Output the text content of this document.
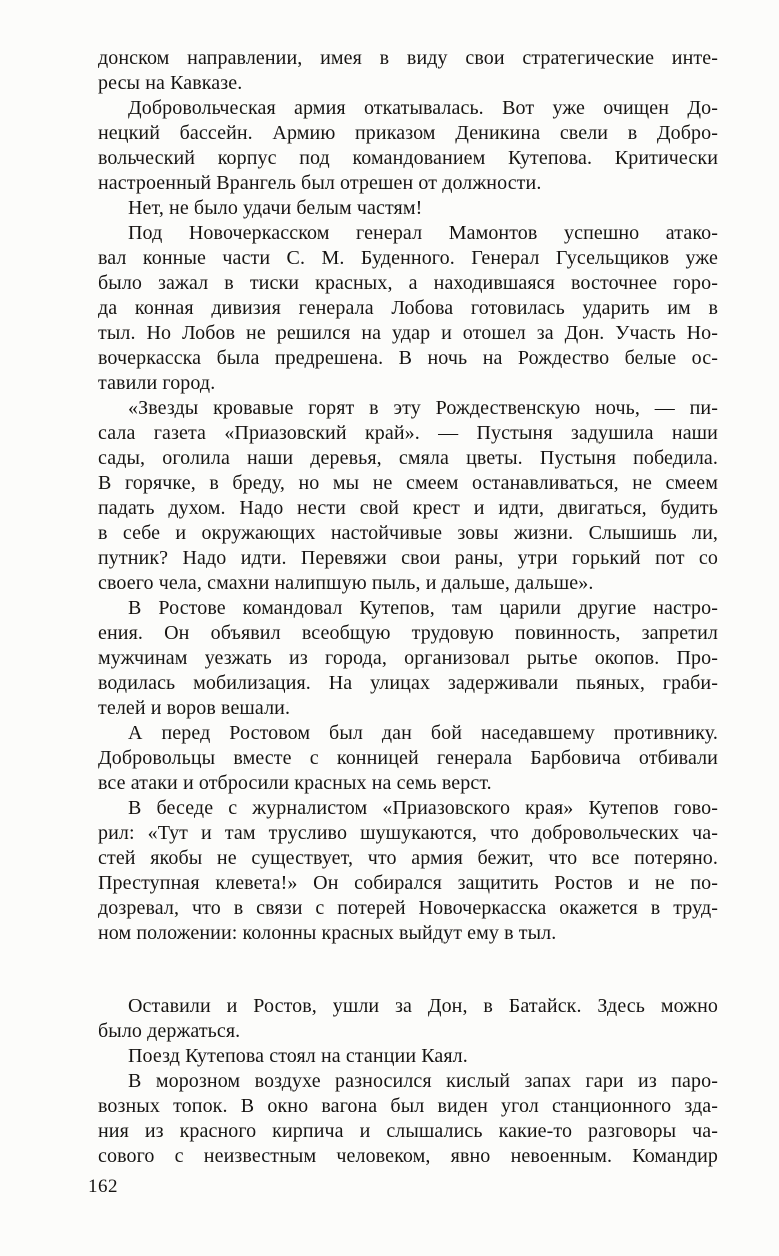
донском направлении, имея в виду свои стратегические инте-
ресы на Кавказе.
Добровольческая армия откатывалась. Вот уже очищен До-
нецкий бассейн. Армию приказом Деникина свели в Добро-
вольческий корпус под командованием Кутепова. Критически
настроенный Врангель был отрешен от должности.
Нет, не было удачи белым частям!
Под Новочеркасском генерал Мамонтов успешно атако-
вал конные части С. М. Буденного. Генерал Гусельщиков уже
было зажал в тиски красных, а находившаяся восточнее горо-
да конная дивизия генерала Лобова готовилась ударить им в
тыл. Но Лобов не решился на удар и отошел за Дон. Участь Но-
вочеркасска была предрешена. В ночь на Рождество белые ос-
тавили город.
«Звезды кровавые горят в эту Рождественскую ночь, — пи-
сала газета «Приазовский край». — Пустыня задушила наши
сады, оголила наши деревья, смяла цветы. Пустыня победила.
В горячке, в бреду, но мы не смеем останавливаться, не смеем
падать духом. Надо нести свой крест и идти, двигаться, будить
в себе и окружающих настойчивые зовы жизни. Слышишь ли,
путник? Надо идти. Перевяжи свои раны, утри горький пот со
своего чела, смахни налипшую пыль, и дальше, дальше».
В Ростове командовал Кутепов, там царили другие настро-
ения. Он объявил всеобщую трудовую повинность, запретил
мужчинам уезжать из города, организовал рытье окопов. Про-
водилась мобилизация. На улицах задерживали пьяных, граби-
телей и воров вешали.
А перед Ростовом был дан бой наседавшему противнику.
Добровольцы вместе с конницей генерала Барбовича отбивали
все атаки и отбросили красных на семь верст.
В беседе с журналистом «Приазовского края» Кутепов гово-
рил: «Тут и там трусливо шушукаются, что добровольческих ча-
стей якобы не существует, что армия бежит, что все потеряно.
Преступная клевета!» Он собирался защитить Ростов и не по-
дозревал, что в связи с потерей Новочеркасска окажется в труд-
ном положении: колонны красных выйдут ему в тыл.
Оставили и Ростов, ушли за Дон, в Батайск. Здесь можно
было держаться.
Поезд Кутепова стоял на станции Каял.
В морозном воздухе разносился кислый запах гари из паро-
возных топок. В окно вагона был виден угол станционного зда-
ния из красного кирпича и слышались какие-то разговоры ча-
сового с неизвестным человеком, явно невоенным. Командир
162
